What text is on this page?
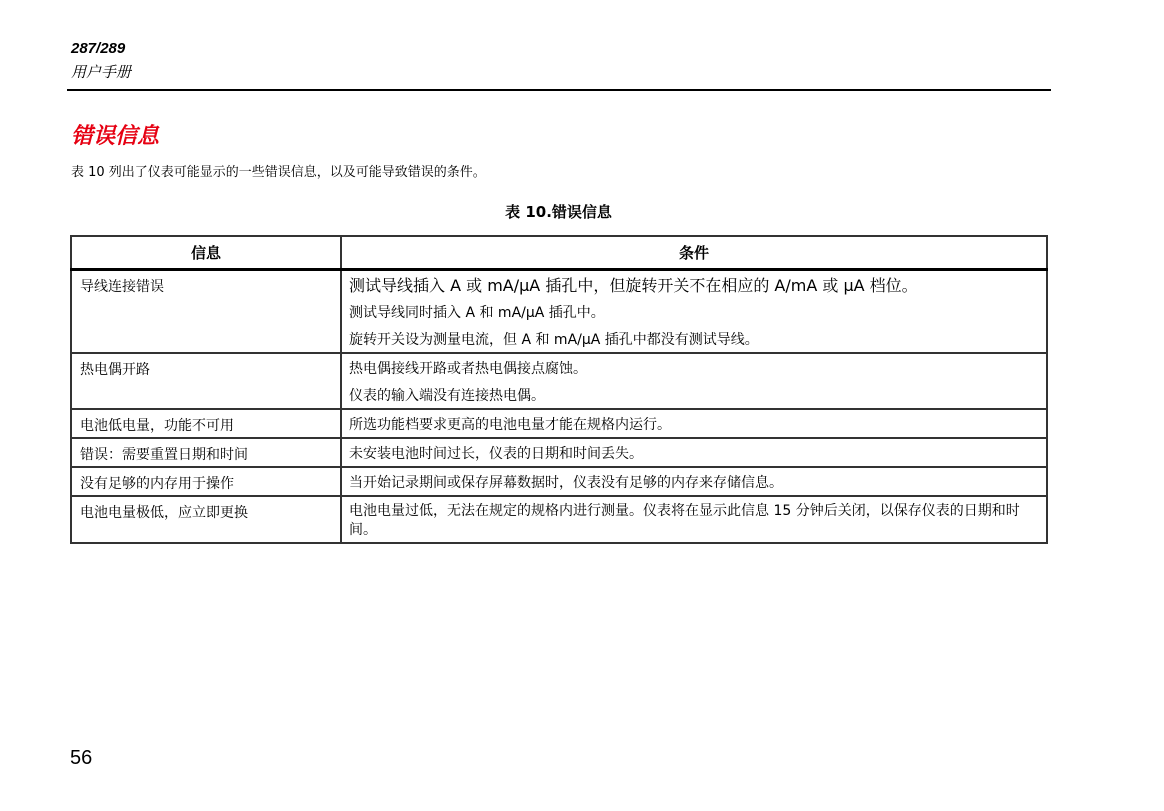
287/289
用户手册
错误信息
表 10 列出了仪表可能显示的一些错误信息，以及可能导致错误的条件。
表 10.错误信息
信息	条件
导线连接错误	测试导线插入 A 或 mA/μA 插孔中，但旋转开关不在相应的 A/mA 或 μA 档位。
测试导线同时插入 A 和 mA/μA 插孔中。
旋转开关设为测量电流，但 A 和 mA/μA 插孔中都没有测试导线。

热电偶开路	热电偶接线开路或者热电偶接点腐蚀。
仪表的输入端没有连接热电偶。

电池低电量，功能不可用	所选功能档要求更高的电池电量才能在规格内运行。

错误：需要重置日期和时间	未安装电池时间过长，仪表的日期和时间丢失。

没有足够的内存用于操作	当开始记录期间或保存屏幕数据时，仪表没有足够的内存来存储信息。

电池电量极低，应立即更换	电池电量过低，无法在规定的规格内进行测量。仪表将在显示此信息 15 分钟后关闭，以保存仪表的日期和时间。
56
